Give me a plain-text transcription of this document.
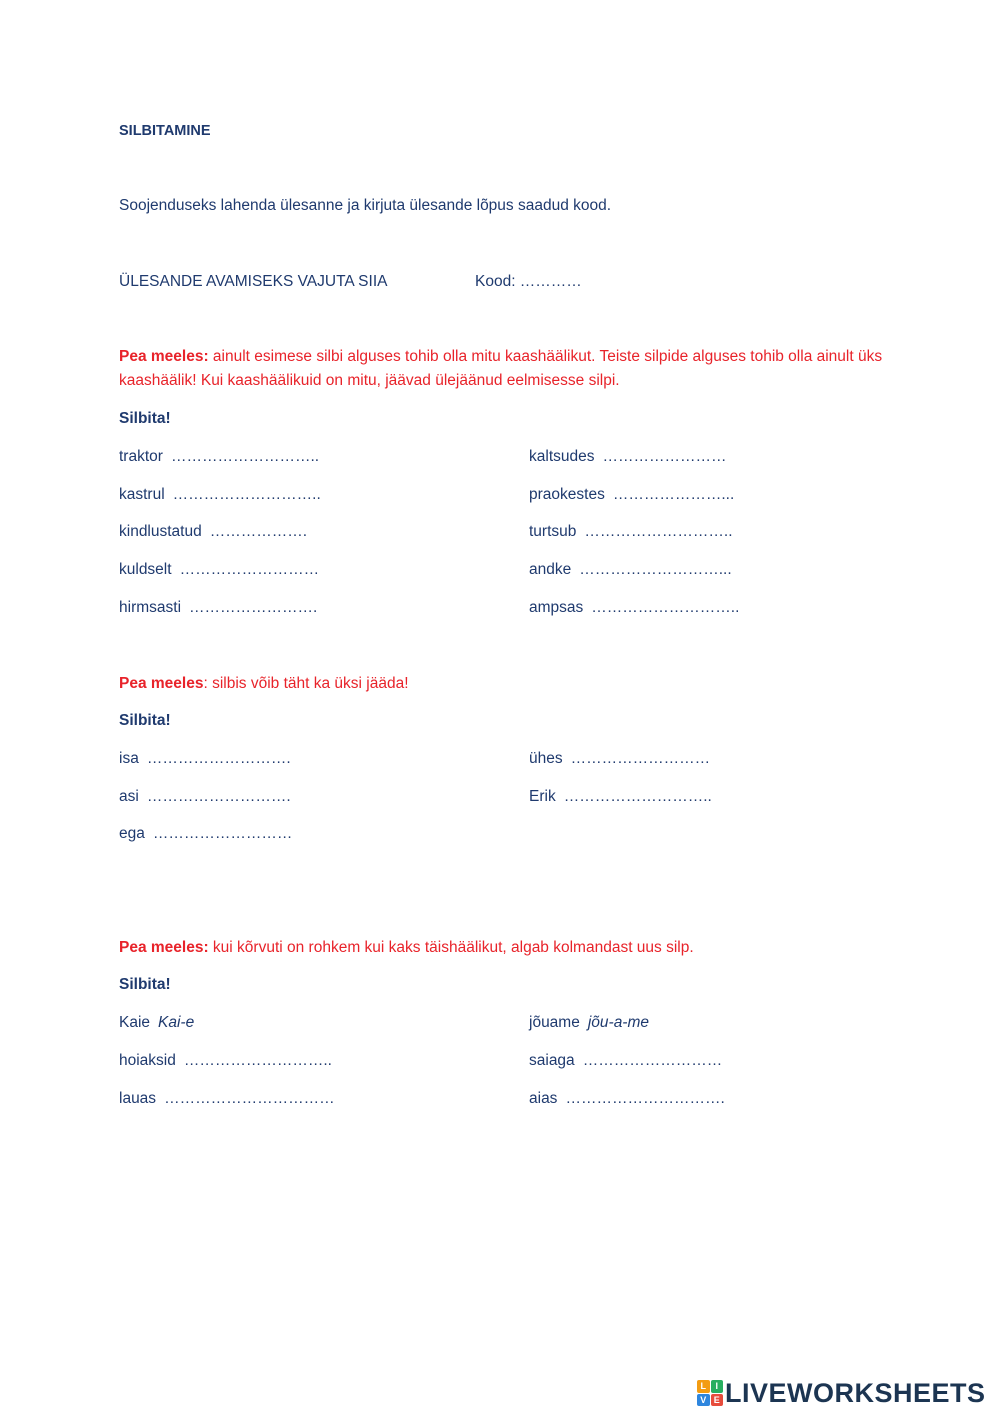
SILBITAMINE
Soojenduseks lahenda ülesanne ja kirjuta ülesande lõpus saadud kood.
ÜLESANDE AVAMISEKS VAJUTA SIIA	Kood: …………
Pea meeles: ainult esimese silbi alguses tohib olla mitu kaashäälikut. Teiste silpide alguses tohib olla ainult üks kaashäälik! Kui kaashäälikuid on mitu, jäävad ülejäänud eelmisesse silpi.
Silbita!
traktor ………………………..
kastrul ………………………..
kindlustatud ……………….
kuldselt ………………………
hirmsasti …………………….
kaltsudes ……………………
praokestes …………………...
turtsub ………………………..
andke ………………………...
ampsas ………………………..
Pea meeles: silbis võib täht ka üksi jääda!
Silbita!
isa ……………………….
asi ……………………….
ega ………………………
ühes ………………………
Erik ………………………..
Pea meeles: kui kõrvuti on rohkem kui kaks täishäälikut, algab kolmandast uus silp.
Silbita!
Kaie Kai-e
hoiaksid ………………………..
lauas ……………………………
jõuame jõu-a-me
saiaga ………………………
aias ………………………….
L	I
V E LIVEWORKSHEETS
